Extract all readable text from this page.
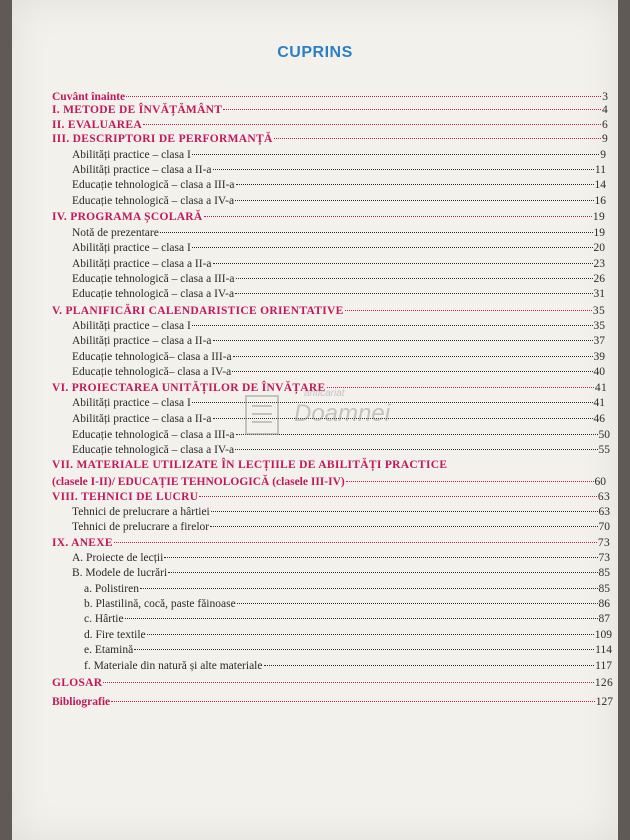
CUPRINS
Cuvânt înainte	3
I. METODE DE ÎNVĂȚĂMÂNT	4
II. EVALUAREA	6
III. DESCRIPTORI DE PERFORMANȚĂ	9
Abilități practice – clasa I	9
Abilități practice – clasa a II-a	11
Educație tehnologică – clasa a III-a	14
Educație tehnologică – clasa a IV-a	16
IV. PROGRAMA ȘCOLARĂ	19
Notă de prezentare	19
Abilități practice – clasa I	20
Abilități practice – clasa a II-a	23
Educație tehnologică – clasa a III-a	26
Educație tehnologică – clasa a IV-a	31
V. PLANIFICĂRI CALENDARISTICE ORIENTATIVE	35
Abilități practice – clasa I	35
Abilități practice – clasa a II-a	37
Educație tehnologică– clasa a III-a	39
Educație tehnologică– clasa a IV-a	40
VI. PROIECTAREA UNITĂȚILOR DE ÎNVĂȚARE	41
Abilități practice – clasa I	41
Abilități practice – clasa a II-a	46
Educație tehnologică – clasa a III-a	50
Educație tehnologică – clasa a IV-a	55
VII. MATERIALE UTILIZATE ÎN LECȚIILE DE ABILITĂȚI PRACTICE
(clasele I-II)/ EDUCAȚIE TEHNOLOGICĂ (clasele III-IV)	60
VIII. TEHNICI DE LUCRU	63
Tehnici de prelucrare a hârtiei	63
Tehnici de prelucrare a firelor	70
IX. ANEXE	73
A. Proiecte de lecții	73
B. Modele de lucrări	85
a. Polistiren	85
b. Plastilină, cocă, paste făinoase	86
c. Hârtie	87
d. Fire textile	109
e. Etamină	114
f. Materiale din natură și alte materiale	117
GLOSAR	126
Bibliografie	127
anticariat
Doamnei
